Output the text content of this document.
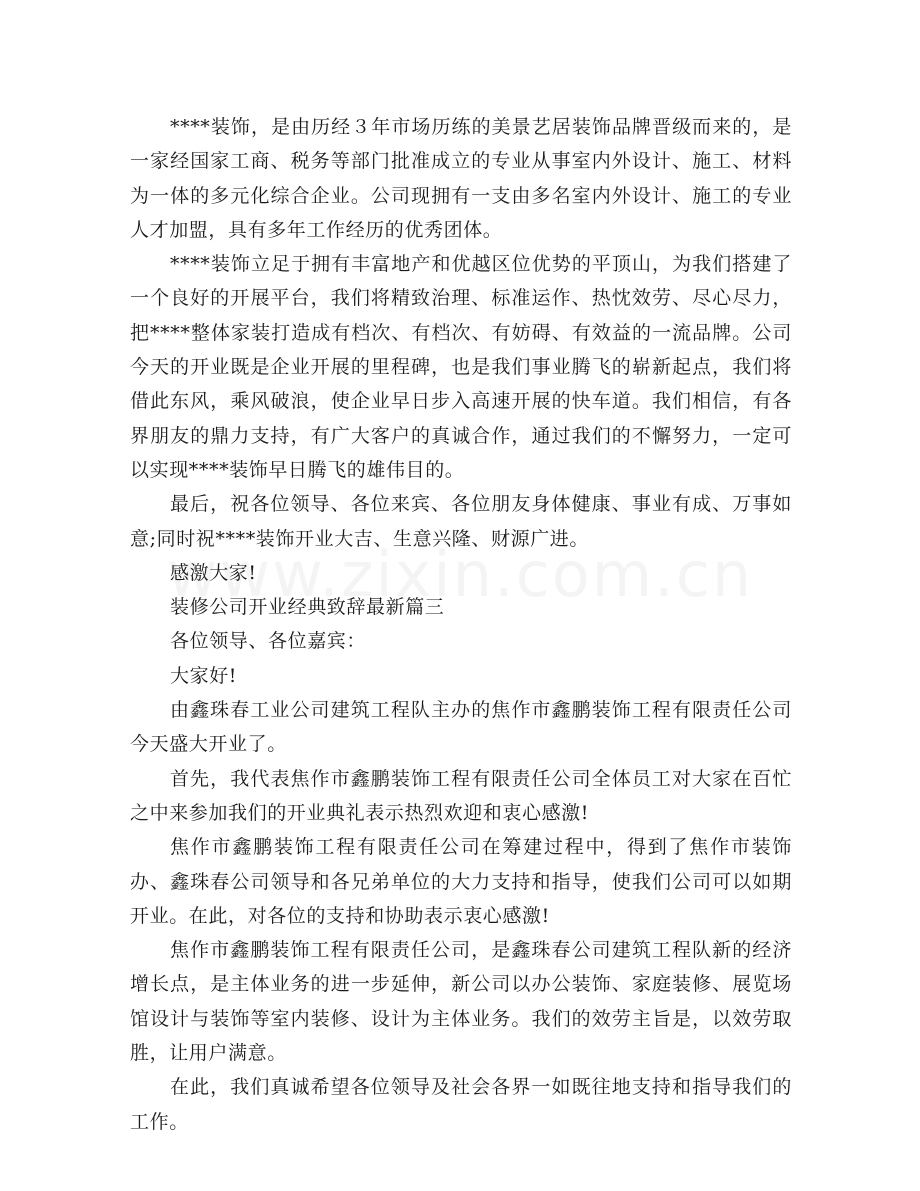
****装饰，是由历经３年市场历练的美景艺居装饰品牌晋级而来的，是一家经国家工商、税务等部门批准成立的专业从事室内外设计、施工、材料为一体的多元化综合企业。公司现拥有一支由多名室内外设计、施工的专业人才加盟，具有多年工作经历的优秀团体。

****装饰立足于拥有丰富地产和优越区位优势的平顶山，为我们搭建了一个良好的开展平台，我们将精致治理、标准运作、热忱效劳、尽心尽力，把****整体家装打造成有档次、有档次、有妨碍、有效益的一流品牌。公司今天的开业既是企业开展的里程碑，也是我们事业腾飞的崭新起点，我们将借此东风，乘风破浪，使企业早日步入高速开展的快车道。我们相信，有各界朋友的鼎力支持，有广大客户的真诚合作，通过我们的不懈努力，一定可以实现****装饰早日腾飞的雄伟目的。

最后，祝各位领导、各位来宾、各位朋友身体健康、事业有成、万事如意;同时祝****装饰开业大吉、生意兴隆、财源广进。

感激大家!

装修公司开业经典致辞最新篇三

各位领导、各位嘉宾：

大家好!

由鑫珠春工业公司建筑工程队主办的焦作市鑫鹏装饰工程有限责任公司今天盛大开业了。

首先，我代表焦作市鑫鹏装饰工程有限责任公司全体员工对大家在百忙之中来参加我们的开业典礼表示热烈欢迎和衷心感激!

焦作市鑫鹏装饰工程有限责任公司在筹建过程中，得到了焦作市装饰办、鑫珠春公司领导和各兄弟单位的大力支持和指导，使我们公司可以如期开业。在此，对各位的支持和协助表示衷心感激!

焦作市鑫鹏装饰工程有限责任公司，是鑫珠春公司建筑工程队新的经济增长点，是主体业务的进一步延伸，新公司以办公装饰、家庭装修、展览场馆设计与装饰等室内装修、设计为主体业务。我们的效劳主旨是，以效劳取胜，让用户满意。

在此，我们真诚希望各位领导及社会各界一如既往地支持和指导我们的工作。
